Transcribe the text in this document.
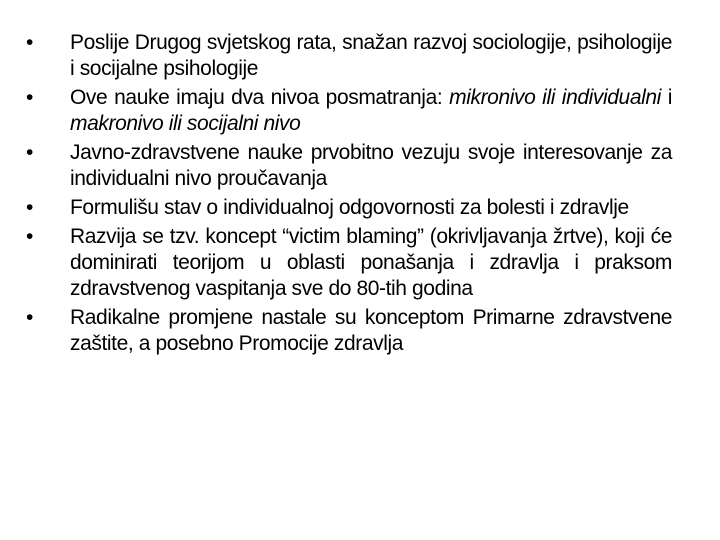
•	Poslije Drugog svjetskog rata, snažan razvoj sociologije, psihologije i socijalne psihologije
•	Ove nauke imaju dva nivoa posmatranja: mikronivo ili individualni i makronivo ili socijalni nivo
•	Javno-zdravstvene nauke prvobitno vezuju svoje interesovanje za individualni nivo proučavanja
•	Formulišu stav o individualnoj odgovornosti za bolesti i zdravlje
•	Razvija se tzv. koncept “victim blaming” (okrivljavanja žrtve), koji će dominirati teorijom u oblasti ponašanja i zdravlja i praksom zdravstvenog vaspitanja sve do 80-tih godina
•	Radikalne promjene nastale su konceptom Primarne zdravstvene zaštite, a posebno Promocije zdravlja
